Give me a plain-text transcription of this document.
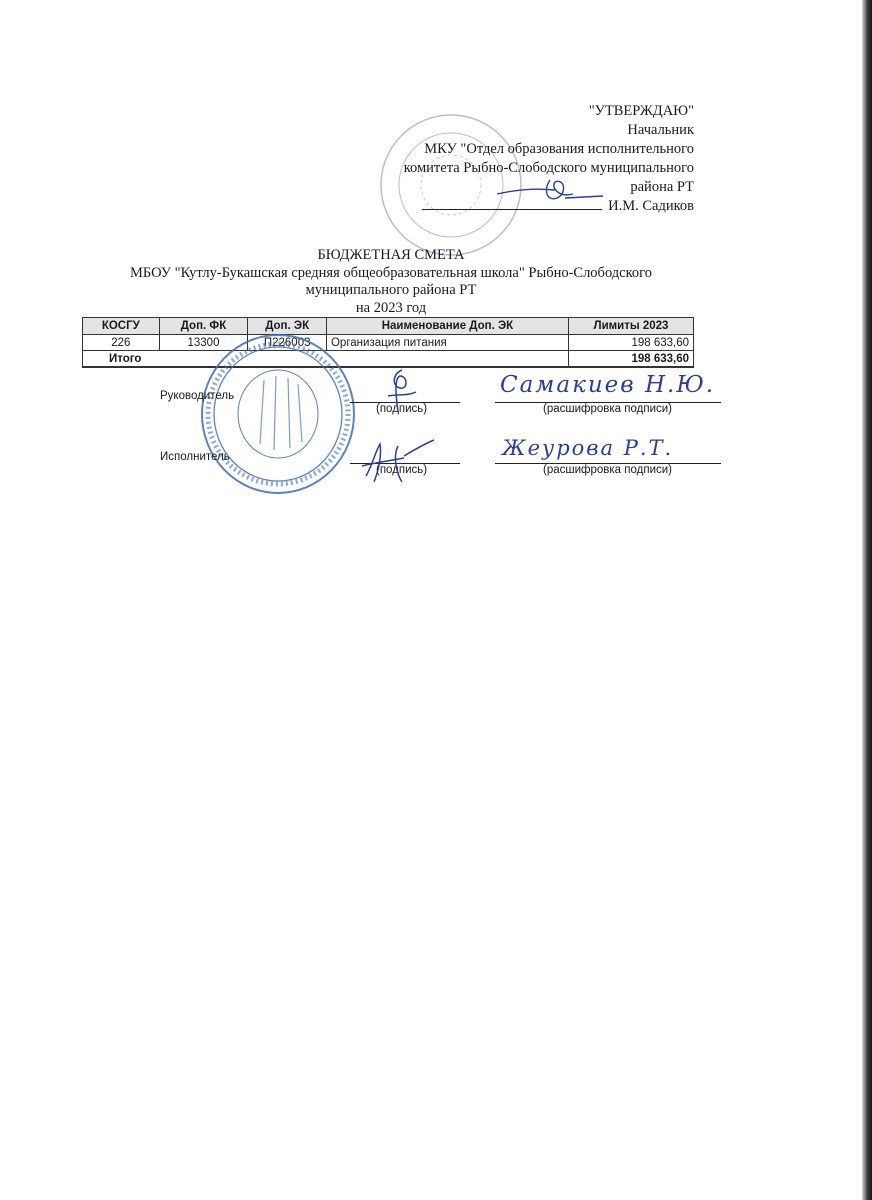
"УТВЕРЖДАЮ"
Начальник
МКУ "Отдел образования исполнительного
комитета Рыбно-Слободского муниципального
района РТ
И.М. Садиков
БЮДЖЕТНАЯ СМЕТА
МБОУ "Кутлу-Букашская средняя общеобразовательная школа" Рыбно-Слободского
муниципального района РТ
на 2023 год
КОСГУ	Доп. ФК	Доп. ЭК	Наименование Доп. ЭК	Лимиты 2023
226	13300	П226003	Организация питания	198 633,60
Итого				198 633,60
Руководитель
(подпись)	(расшифровка подписи)
Самакиев Н.Ю.
Исполнитель
(подпись)	(расшифровка подписи)
Жеурова Р.Т.
